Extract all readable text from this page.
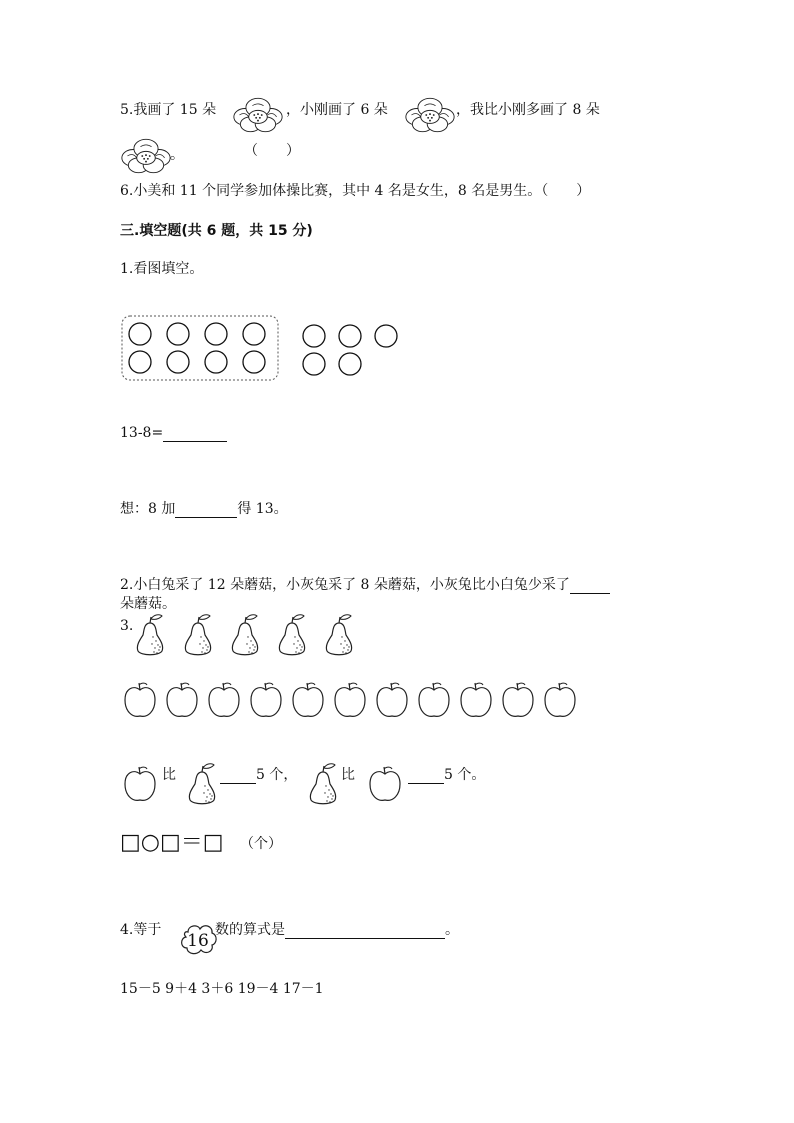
5.我画了 15 朵	，小刚画了 6 朵	，我比小刚多画了 8 朵
。	（　　）
6.小美和 11 个同学参加体操比赛，其中 4 名是女生，8 名是男生。（　　）
三.填空题(共 6 题，共 15 分)
1.看图填空。
13-8=
想：8 加	得 13。
2.小白兔采了 12 朵蘑菇，小灰兔采了 8 朵蘑菇，小灰兔比小白兔少采了
朵蘑菇。
3.
比	5 个，	比	5 个。
□○□＝□ （个）
4.等于
16
数的算式是	。
15－5 9＋4 3＋6 19－4 17－1
